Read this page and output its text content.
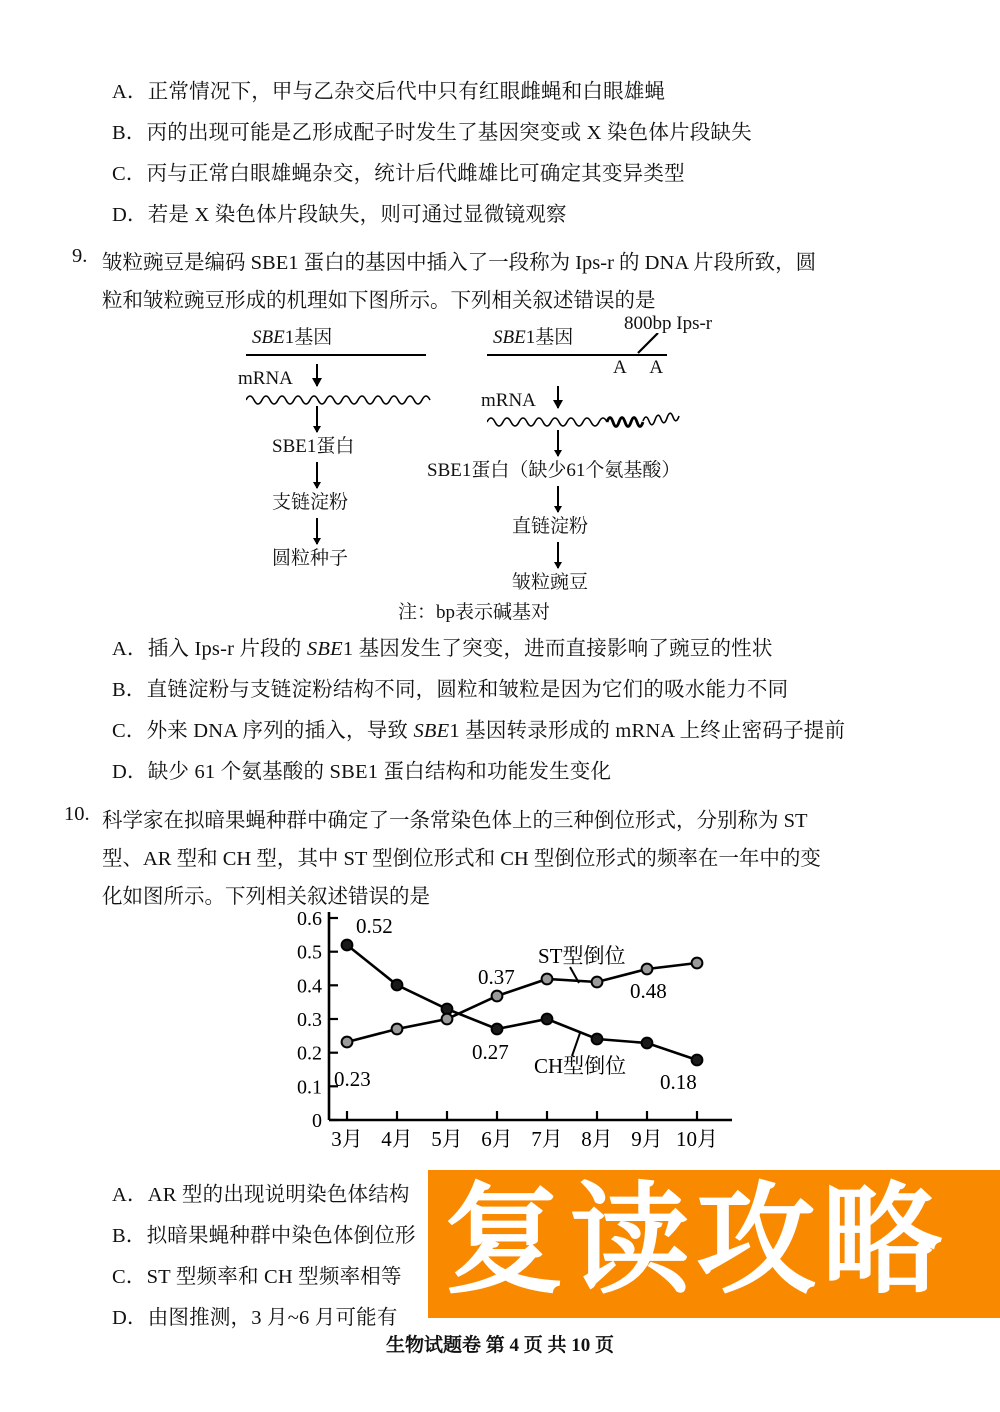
A．正常情况下，甲与乙杂交后代中只有红眼雌蝇和白眼雄蝇
B．丙的出现可能是乙形成配子时发生了基因突变或 X 染色体片段缺失
C．丙与正常白眼雄蝇杂交，统计后代雌雄比可确定其变异类型
D．若是 X 染色体片段缺失，则可通过显微镜观察
9. 皱粒豌豆是编码 SBE1 蛋白的基因中插入了一段称为 Ips-r 的 DNA 片段所致，圆
粒和皱粒豌豆形成的机理如下图所示。下列相关叙述错误的是
SBE1基因
mRNA
SBE1蛋白
支链淀粉
圆粒种子
SBE1基因
800bp Ips-r
A A
mRNA
SBE1蛋白（缺少61个氨基酸）
直链淀粉
皱粒豌豆
注：bp表示碱基对
A．插入 Ips-r 片段的 SBE1 基因发生了突变，进而直接影响了豌豆的性状
B．直链淀粉与支链淀粉结构不同，圆粒和皱粒是因为它们的吸水能力不同
C．外来 DNA 序列的插入，导致 SBE1 基因转录形成的 mRNA 上终止密码子提前
D．缺少 61 个氨基酸的 SBE1 蛋白结构和功能发生变化
10. 科学家在拟暗果蝇种群中确定了一条常染色体上的三种倒位形式，分别称为 ST
型、AR 型和 CH 型，其中 ST 型倒位形式和 CH 型倒位形式的频率在一年中的变
化如图所示。下列相关叙述错误的是
0
0.1
0.2
0.3
0.4
0.5
0.6
3月 4月 5月 6月 7月 8月 9月 10月
0.52
0.23
0.37
0.27
0.48
0.18
ST型倒位
CH型倒位
A．AR 型的出现说明染色体结构
B．拟暗果蝇种群中染色体倒位形
C．ST 型频率和 CH 型频率相等
D．由图推测，3 月~6 月可能有
复读攻略
生物试题卷 第 4 页 共 10 页
